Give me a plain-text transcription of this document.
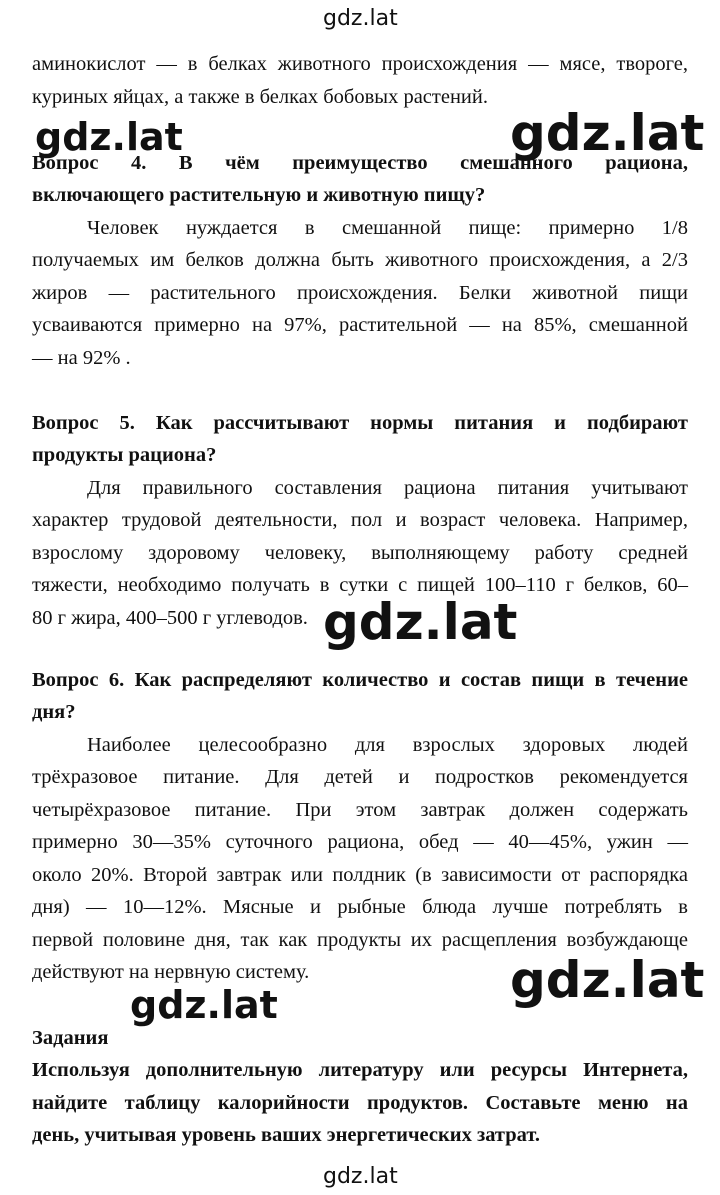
gdz.lat
аминокислот — в белках животного происхождения — мясе, твороге,
куриных яйцах, а также в белках бобовых растений.
gdz.lat	gdz.lat
Вопрос 4. В чём преимущество смешанного рациона,
включающего растительную и животную пищу?
Человек нуждается в смешанной пище: примерно 1/8
получаемых им белков должна быть животного происхождения, а 2/3
жиров — растительного происхождения. Белки животной пищи
усваиваются примерно на 97%, растительной — на 85%, смешанной
— на 92% .
Вопрос 5. Как рассчитывают нормы питания и подбирают
продукты рациона?
Для правильного составления рациона питания учитывают
характер трудовой деятельности, пол и возраст человека. Например,
взрослому здоровому человеку, выполняющему работу средней
тяжести, необходимо получать в сутки с пищей 100–110 г белков, 60–
80 г жира, 400–500 г углеводов. gdz.lat
Вопрос 6. Как распределяют количество и состав пищи в течение
дня?
Наиболее целесообразно для взрослых здоровых людей
трёхразовое питание. Для детей и подростков рекомендуется
четырёхразовое питание. При этом завтрак должен содержать
примерно 30—35% суточного рациона, обед — 40—45%, ужин —
около 20%. Второй завтрак или полдник (в зависимости от распорядка
дня) — 10—12%. Мясные и рыбные блюда лучше потреблять в
первой половине дня, так как продукты их расщепления возбуждающе
действуют на нервную систему.	gdz.lat
gdz.lat
Задания
Используя дополнительную литературу или ресурсы Интернета,
найдите таблицу калорийности продуктов. Составьте меню на
день, учитывая уровень ваших энергетических затрат.
gdz.lat
